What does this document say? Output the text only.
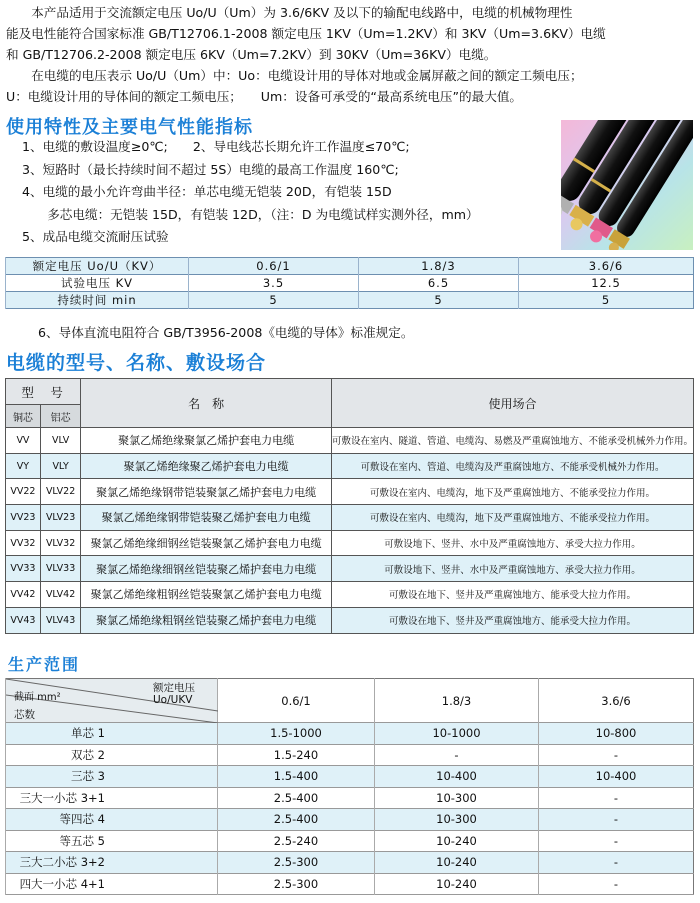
　　本产品适用于交流额定电压 Uo/U（Um）为 3.6/6KV 及以下的输配电线路中，电缆的机械物理性

能及电性能符合国家标准 GB/T12706.1-2008 额定电压 1KV（Um=1.2KV）和 3KV（Um=3.6KV）电缆

和 GB/T12706.2-2008 额定电压 6KV（Um=7.2KV）到 30KV（Um=36KV）电缆。

　　在电缆的电压表示 Uo/U（Um）中：Uo：电缆设计用的导体对地或金属屏蔽之间的额定工频电压；

U：电缆设计用的导体间的额定工频电压；　　Um：设备可承受的“最高系统电压”的最大值。

使用特性及主要电气性能指标
1、电缆的敷设温度≥0℃;　　2、导电线芯长期允许工作温度≤70℃;
3、短路时（最长持续时间不超过 5S）电缆的最高工作温度 160℃;
4、电缆的最小允许弯曲半径：单芯电缆无铠装 20D，有铠装 15D
　　多芯电缆：无铠装 15D，有铠装 12D，（注：D 为电缆试样实测外径，mm）
5、成品电缆交流耐压试验
额定电压 Uo/U（KV）	0.6/1	1.8/3	3.6/6
试验电压 KV	3.5	6.5	12.5
持续时间 min	5	5	5
6、导体直流电阻符合 GB/T3956-2008《电缆的导体》标准规定。
电缆的型号、名称、敷设场合
型　号		名　称	使用场合
铜芯	铝芯		
VV	VLV	聚氯乙烯绝缘聚氯乙烯护套电力电缆	可敷设在室内、隧道、管道、电缆沟、易燃及严重腐蚀地方、不能承受机械外力作用。
VY	VLY	聚氯乙烯绝缘聚乙烯护套电力电缆	可敷设在室内、管道、电缆沟及严重腐蚀地方、不能承受机械外力作用。
VV22	VLV22	聚氯乙烯绝缘钢带铠装聚氯乙烯护套电力电缆	可敷设在室内、电缆沟，地下及严重腐蚀地方、不能承受拉力作用。
VV23	VLV23	聚氯乙烯绝缘钢带铠装聚乙烯护套电力电缆	可敷设在室内、电缆沟，地下及严重腐蚀地方、不能承受拉力作用。
VV32	VLV32	聚氯乙烯绝缘细钢丝铠装聚氯乙烯护套电力电缆	可敷设地下、竖井、水中及严重腐蚀地方、承受大拉力作用。
VV33	VLV33	聚氯乙烯绝缘细钢丝铠装聚乙烯护套电力电缆	可敷设地下、竖井、水中及严重腐蚀地方、承受大拉力作用。
VV42	VLV42	聚氯乙烯绝缘粗钢丝铠装聚氯乙烯护套电力电缆	可敷设在地下、竖井及严重腐蚀地方、能承受大拉力作用。
VV43	VLV43	聚氯乙烯绝缘粗钢丝铠装聚乙烯护套电力电缆	可敷设在地下、竖井及严重腐蚀地方、能承受大拉力作用。
生产范围
额定电压
Uo/UKV
截面 mm²
芯数	0.6/1	1.8/3	3.6/6
单芯 1	1.5-1000	10-1000	10-800
双芯 2	1.5-240	-	-
三芯 3	1.5-400	10-400	10-400
三大一小芯 3+1	2.5-400	10-300	-
等四芯 4	2.5-400	10-300	-
等五芯 5	2.5-240	10-240	-
三大二小芯 3+2	2.5-300	10-240	-
四大一小芯 4+1	2.5-300	10-240	-
